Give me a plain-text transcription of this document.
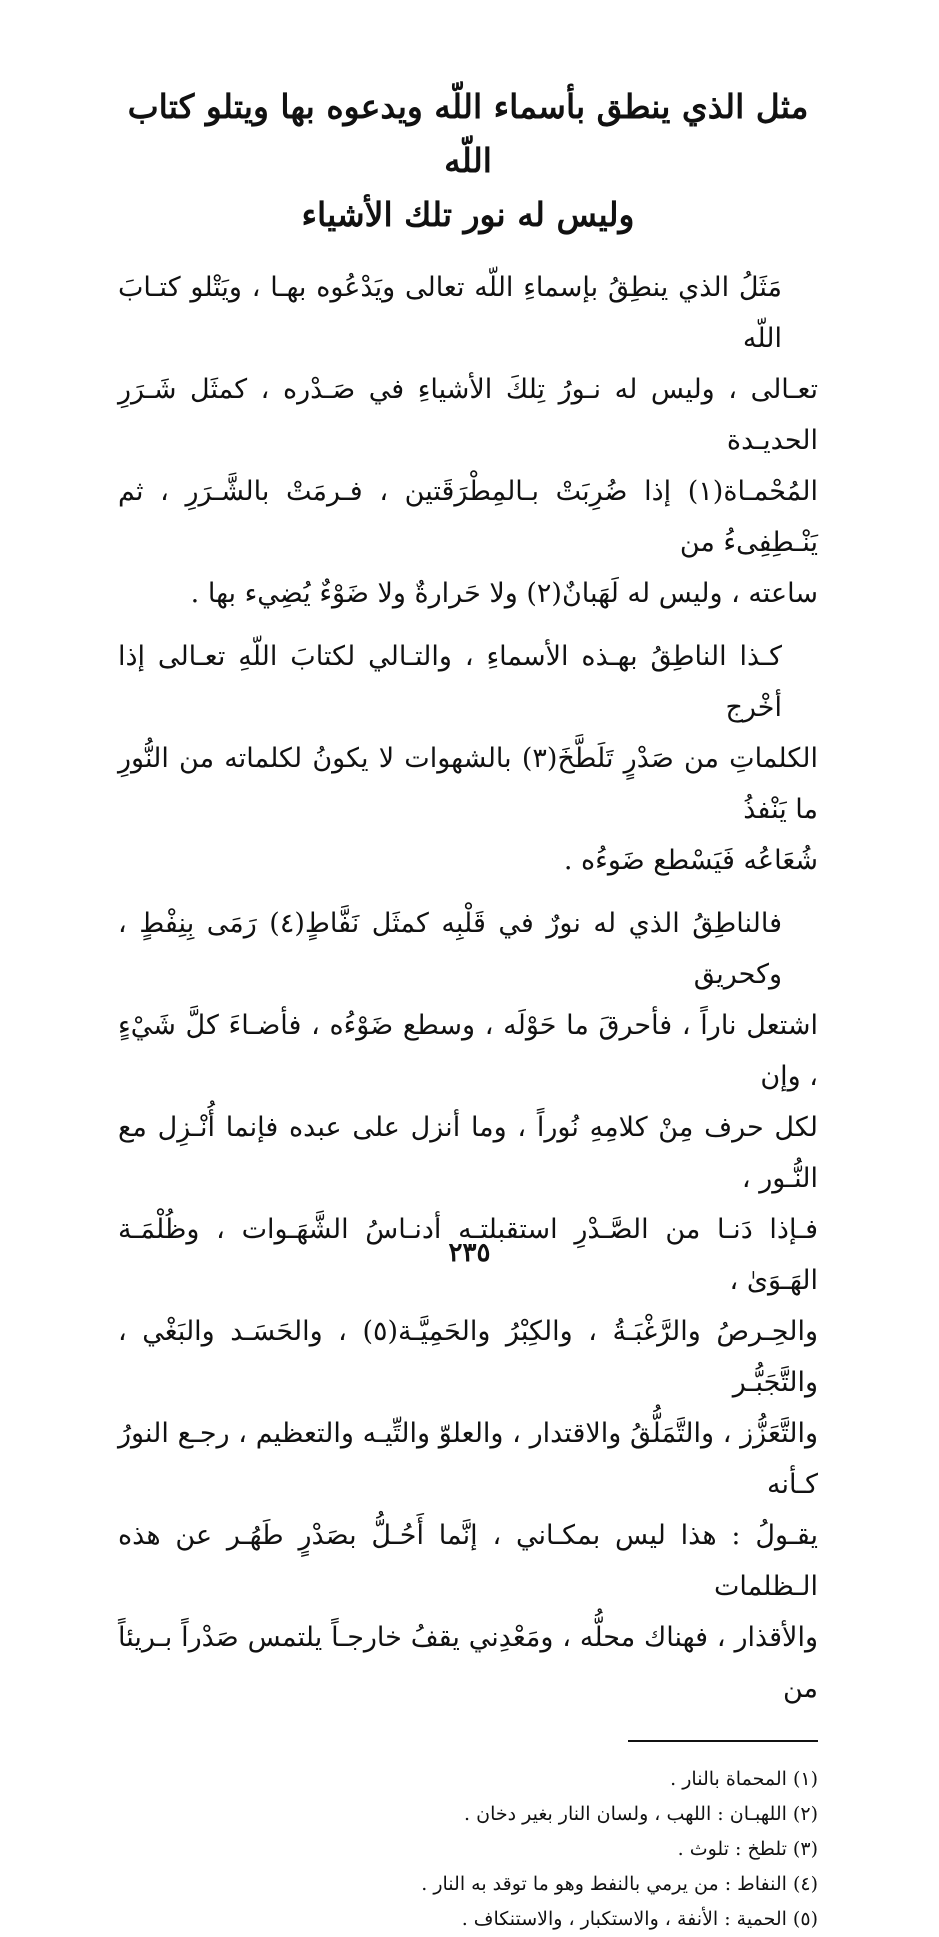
مثل الذي ينطق بأسماء اللّه ويدعوه بها ويتلو كتاب اللّه
وليس له نور تلك الأشياء

مَثَلُ الذي ينطِقُ بإسماءِ اللّه تعالى ويَدْعُوه بهـا ، ويَتْلو كتـابَ اللّه
تعـالى ، وليس له نـورُ تِلكَ الأشياءِ في صَـدْره ، كمثَل شَـرَرِ الحديـدة
المُحْمـاة(١) إذا ضُرِبَتْ بـالمِطْرَقَتين ، فـرمَتْ بالشَّـرَرِ ، ثم يَنْـطِفِىءُ من
ساعته ، وليس له لَهَبانٌ(٢) ولا حَرارةٌ ولا ضَوْءٌ يُضِيء بها .

كـذا الناطِقُ بهـذه الأسماءِ ، والتـالي لكتابَ اللّهِ تعـالى إذا أخْرج
الكلماتِ من صَدْرٍ تَلَطَّخَ(٣) بالشهوات لا يكونُ لكلماته من النُّورِ ما يَنْفذُ
شُعَاعُه فَيَسْطع ضَوءُه .

فالناطِقُ الذي له نورٌ في قَلْبِه كمثَل نَفَّاطٍ(٤) رَمَى بِنِفْطٍ ، وكحريق
اشتعل ناراً ، فأحرقَ ما حَوْلَه ، وسطع ضَوْءُه ، فأضـاءَ كلَّ شَيْءٍ ، وإن
لكل حرف مِنْ كلامِهِ نُوراً ، وما أنزل على عبده فإنما أُنْـزِل مع النُّـور ،
فـإذا دَنـا من الصَّـدْرِ استقبلتـه أدنـاسُ الشَّهَـوات ، وظُلْمَـة الهَـوَىٰ ،
والحِـرصُ والرَّغْبَـةُ ، والكِبْرُ والحَمِيَّـة(٥) ، والحَسَـد والبَغْي ، والتَّجَبُّـر
والتَّعَزُّز ، والتَّمَلُّقُ والاقتدار ، والعلوّ والتِّيـه والتعظيم ، رجـع النورُ كـأنه
يقـولُ : هذا ليس بمكـاني ، إنَّما أَحُـلُّ بصَدْرٍ طَهُـر عن هذه الـظلمات
والأقذار ، فهناك محلُّه ، ومَعْدِني يقفُ خارجـاً يلتمس صَدْراً بـريئاً من

(١) المحماة بالنار .
(٢) اللهبـان : اللهب ، ولسان النار بغير دخان .
(٣) تلطخ : تلوث .
(٤) النفاط : من يرمي بالنفط وهو ما توقد به النار .
(٥) الحمية : الأنفة ، والاستكبار ، والاستنكاف .
٢٣٥
